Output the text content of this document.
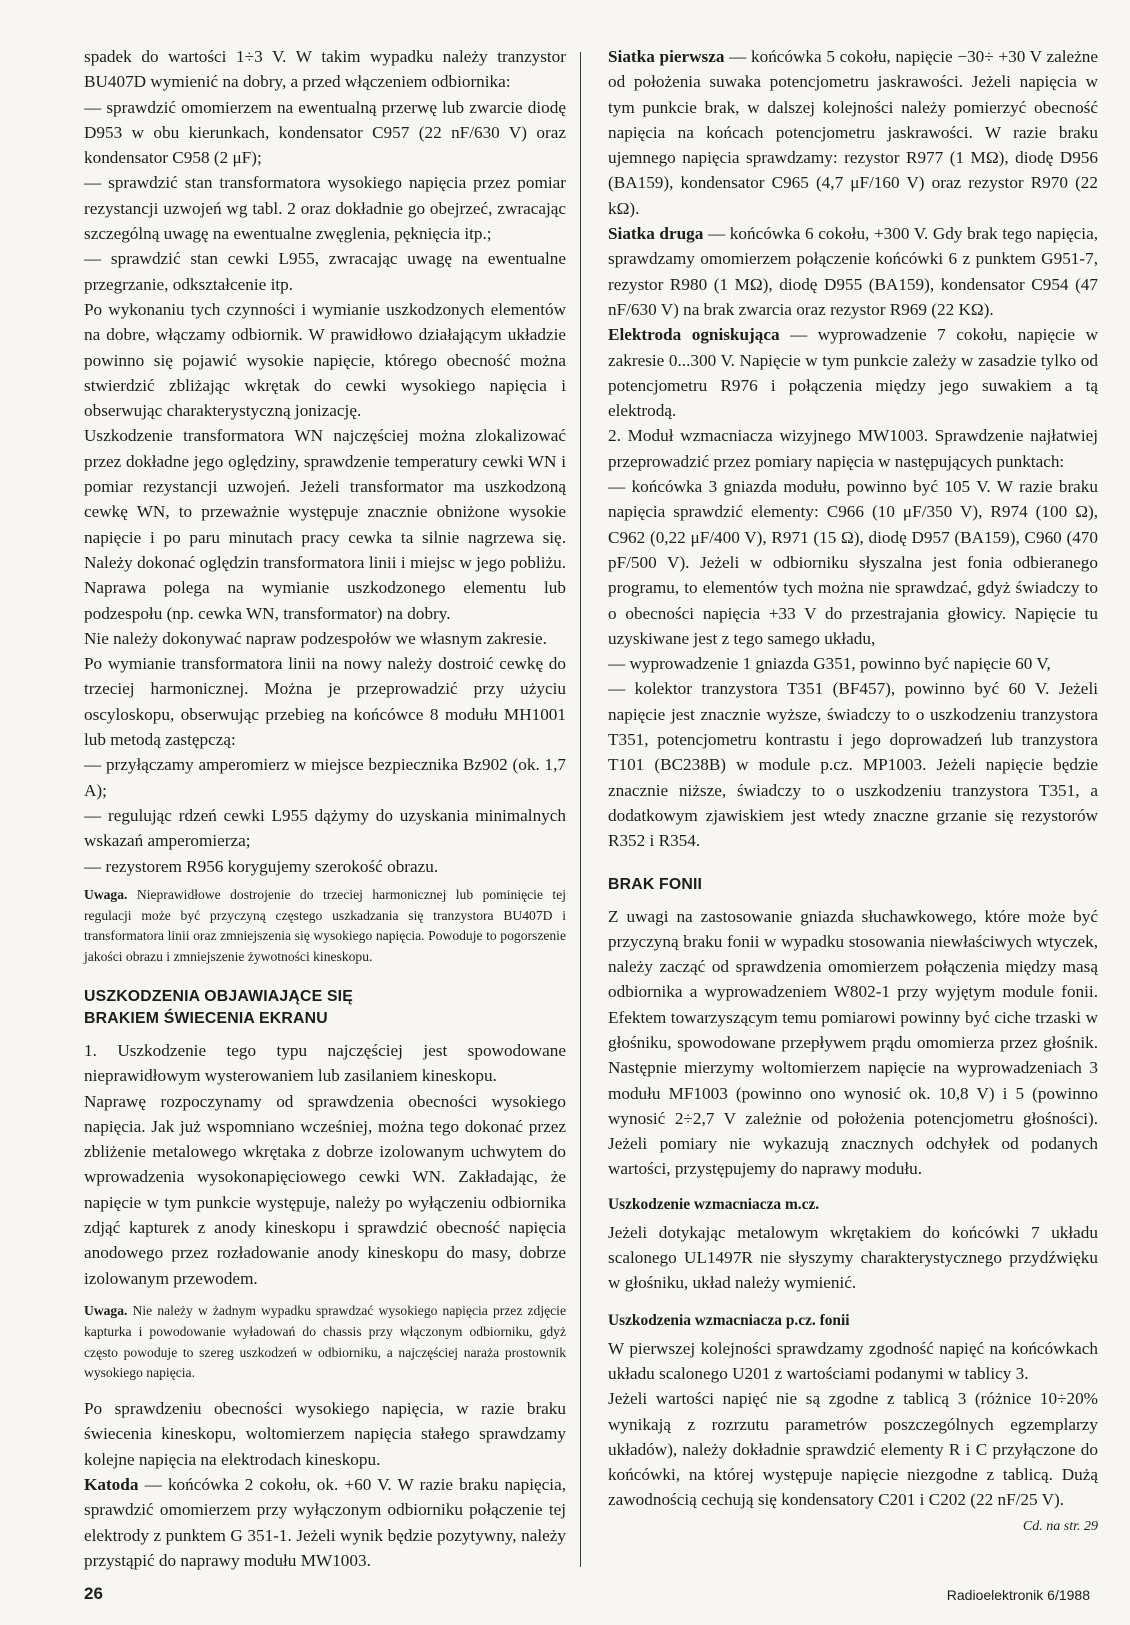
spadek do wartości 1÷3 V. W takim wypadku należy tranzystor BU407D wymienić na dobry, a przed włączeniem odbiornika:

— sprawdzić omomierzem na ewentualną przerwę lub zwarcie diodę D953 w obu kierunkach, kondensator C957 (22 nF/630 V) oraz kondensator C958 (2 μF);

— sprawdzić stan transformatora wysokiego napięcia przez pomiar rezystancji uzwojeń wg tabl. 2 oraz dokładnie go obejrzeć, zwracając szczególną uwagę na ewentualne zwęglenia, pęknięcia itp.;

— sprawdzić stan cewki L955, zwracając uwagę na ewentualne przegrzanie, odkształcenie itp.

Po wykonaniu tych czynności i wymianie uszkodzonych elementów na dobre, włączamy odbiornik. W prawidłowo działającym układzie powinno się pojawić wysokie napięcie, którego obecność można stwierdzić zbliżając wkrętak do cewki wysokiego napięcia i obserwując charakterystyczną jonizację.

Uszkodzenie transformatora WN najczęściej można zlokalizować przez dokładne jego oględziny, sprawdzenie temperatury cewki WN i pomiar rezystancji uzwojeń. Jeżeli transformator ma uszkodzoną cewkę WN, to przeważnie występuje znacznie obniżone wysokie napięcie i po paru minutach pracy cewka ta silnie nagrzewa się. Należy dokonać oględzin transformatora linii i miejsc w jego pobliżu. Naprawa polega na wymianie uszkodzonego elementu lub podzespołu (np. cewka WN, transformator) na dobry.

Nie należy dokonywać napraw podzespołów we własnym zakresie.

Po wymianie transformatora linii na nowy należy dostroić cewkę do trzeciej harmonicznej. Można je przeprowadzić przy użyciu oscyloskopu, obserwując przebieg na końcówce 8 modułu MH1001 lub metodą zastępczą:

— przyłączamy amperomierz w miejsce bezpiecznika Bz902 (ok. 1,7 A);

— regulując rdzeń cewki L955 dążymy do uzyskania minimalnych wskazań amperomierza;

— rezystorem R956 korygujemy szerokość obrazu.

Uwaga. Nieprawidłowe dostrojenie do trzeciej harmonicznej lub pominięcie tej regulacji może być przyczyną częstego uszkadzania się tranzystora BU407D i transformatora linii oraz zmniejszenia się wysokiego napięcia. Powoduje to pogorszenie jakości obrazu i zmniejszenie żywotności kineskopu.

USZKODZENIA OBJAWIAJĄCE SIĘ
BRAKIEM ŚWIECENIA EKRANU

1. Uszkodzenie tego typu najczęściej jest spowodowane nieprawidłowym wysterowaniem lub zasilaniem kineskopu.

Naprawę rozpoczynamy od sprawdzenia obecności wysokiego napięcia. Jak już wspomniano wcześniej, można tego dokonać przez zbliżenie metalowego wkrętaka z dobrze izolowanym uchwytem do wprowadzenia wysokonapięciowego cewki WN. Zakładając, że napięcie w tym punkcie występuje, należy po wyłączeniu odbiornika zdjąć kapturek z anody kineskopu i sprawdzić obecność napięcia anodowego przez rozładowanie anody kineskopu do masy, dobrze izolowanym przewodem.

Uwaga. Nie należy w żadnym wypadku sprawdzać wysokiego napięcia przez zdjęcie kapturka i powodowanie wyładowań do chassis przy włączonym odbiorniku, gdyż często powoduje to szereg uszkodzeń w odbiorniku, a najczęściej naraża prostownik wysokiego napięcia.

Po sprawdzeniu obecności wysokiego napięcia, w razie braku świecenia kineskopu, woltomierzem napięcia stałego sprawdzamy kolejne napięcia na elektrodach kineskopu.

Katoda — końcówka 2 cokołu, ok. +60 V. W razie braku napięcia, sprawdzić omomierzem przy wyłączonym odbiorniku połączenie tej elektrody z punktem G 351-1. Jeżeli wynik będzie pozytywny, należy przystąpić do naprawy modułu MW1003.

Siatka pierwsza — końcówka 5 cokołu, napięcie −30÷ +30 V zależne od położenia suwaka potencjometru jaskrawości. Jeżeli napięcia w tym punkcie brak, w dalszej kolejności należy pomierzyć obecność napięcia na końcach potencjometru jaskrawości. W razie braku ujemnego napięcia sprawdzamy: rezystor R977 (1 MΩ), diodę D956 (BA159), kondensator C965 (4,7 μF/160 V) oraz rezystor R970 (22 kΩ).

Siatka druga — końcówka 6 cokołu, +300 V. Gdy brak tego napięcia, sprawdzamy omomierzem połączenie końcówki 6 z punktem G951-7, rezystor R980 (1 MΩ), diodę D955 (BA159), kondensator C954 (47 nF/630 V) na brak zwarcia oraz rezystor R969 (22 KΩ).

Elektroda ogniskująca — wyprowadzenie 7 cokołu, napięcie w zakresie 0...300 V. Napięcie w tym punkcie zależy w zasadzie tylko od potencjometru R976 i połączenia między jego suwakiem a tą elektrodą.

2. Moduł wzmacniacza wizyjnego MW1003. Sprawdzenie najłatwiej przeprowadzić przez pomiary napięcia w następujących punktach:

— końcówka 3 gniazda modułu, powinno być 105 V. W razie braku napięcia sprawdzić elementy: C966 (10 μF/350 V), R974 (100 Ω), C962 (0,22 μF/400 V), R971 (15 Ω), diodę D957 (BA159), C960 (470 pF/500 V). Jeżeli w odbiorniku słyszalna jest fonia odbieranego programu, to elementów tych można nie sprawdzać, gdyż świadczy to o obecności napięcia +33 V do przestrajania głowicy. Napięcie tu uzyskiwane jest z tego samego układu,

— wyprowadzenie 1 gniazda G351, powinno być napięcie 60 V,

— kolektor tranzystora T351 (BF457), powinno być 60 V. Jeżeli napięcie jest znacznie wyższe, świadczy to o uszkodzeniu tranzystora T351, potencjometru kontrastu i jego doprowadzeń lub tranzystora T101 (BC238B) w module p.cz. MP1003. Jeżeli napięcie będzie znacznie niższe, świadczy to o uszkodzeniu tranzystora T351, a dodatkowym zjawiskiem jest wtedy znaczne grzanie się rezystorów R352 i R354.

BRAK FONII

Z uwagi na zastosowanie gniazda słuchawkowego, które może być przyczyną braku fonii w wypadku stosowania niewłaściwych wtyczek, należy zacząć od sprawdzenia omomierzem połączenia między masą odbiornika a wyprowadzeniem W802-1 przy wyjętym module fonii. Efektem towarzyszącym temu pomiarowi powinny być ciche trzaski w głośniku, spowodowane przepływem prądu omomierza przez głośnik. Następnie mierzymy woltomierzem napięcie na wyprowadzeniach 3 modułu MF1003 (powinno ono wynosić ok. 10,8 V) i 5 (powinno wynosić 2÷2,7 V zależnie od położenia potencjometru głośności). Jeżeli pomiary nie wykazują znacznych odchyłek od podanych wartości, przystępujemy do naprawy modułu.

Uszkodzenie wzmacniacza m.cz.

Jeżeli dotykając metalowym wkrętakiem do końcówki 7 układu scalonego UL1497R nie słyszymy charakterystycznego przydźwięku w głośniku, układ należy wymienić.

Uszkodzenia wzmacniacza p.cz. fonii

W pierwszej kolejności sprawdzamy zgodność napięć na końcówkach układu scalonego U201 z wartościami podanymi w tablicy 3.

Jeżeli wartości napięć nie są zgodne z tablicą 3 (różnice 10÷20% wynikają z rozrzutu parametrów poszczególnych egzemplarzy układów), należy dokładnie sprawdzić elementy R i C przyłączone do końcówki, na której występuje napięcie niezgodne z tablicą. Dużą zawodnością cechują się kondensatory C201 i C202 (22 nF/25 V).

Cd. na str. 29
26	Radioelektronik 6/1988
